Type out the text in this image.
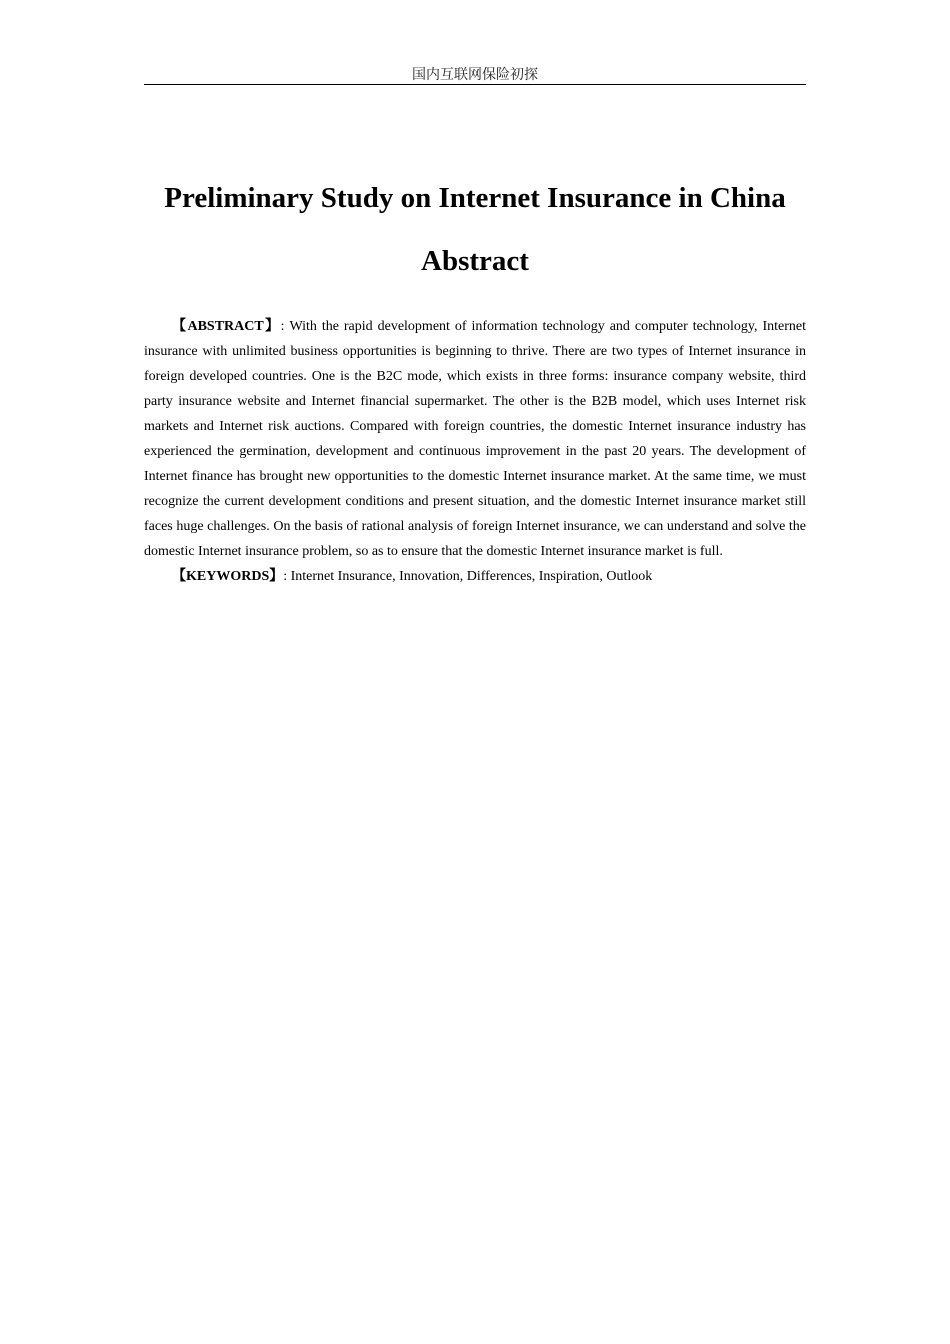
国内互联网保险初探
Preliminary Study on Internet Insurance in China
Abstract

【ABSTRACT】: With the rapid development of information technology and computer technology, Internet insurance with unlimited business opportunities is beginning to thrive. There are two types of Internet insurance in foreign developed countries. One is the B2C mode, which exists in three forms: insurance company website, third party insurance website and Internet financial supermarket. The other is the B2B model, which uses Internet risk markets and Internet risk auctions. Compared with foreign countries, the domestic Internet insurance industry has experienced the germination, development and continuous improvement in the past 20 years. The development of Internet finance has brought new opportunities to the domestic Internet insurance market. At the same time, we must recognize the current development conditions and present situation, and the domestic Internet insurance market still faces huge challenges. On the basis of rational analysis of foreign Internet insurance, we can understand and solve the domestic Internet insurance problem, so as to ensure that the domestic Internet insurance market is full.

【KEYWORDS】: Internet Insurance, Innovation, Differences, Inspiration, Outlook
